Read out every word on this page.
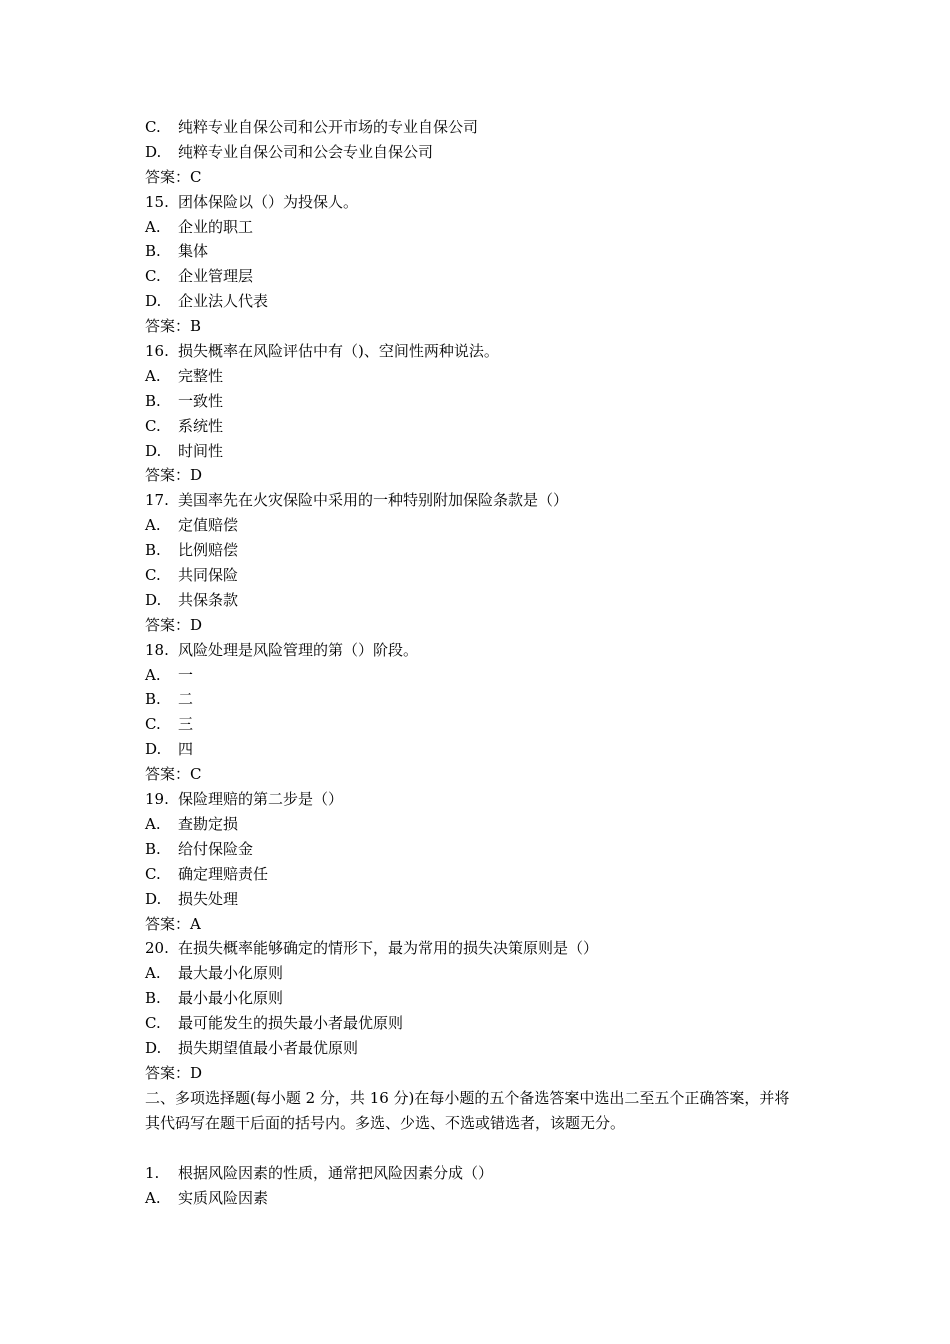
C. 纯粹专业自保公司和公开市场的专业自保公司
D. 纯粹专业自保公司和公会专业自保公司
答案：C
15. 团体保险以（）为投保人。
A. 企业的职工
B. 集体
C. 企业管理层
D. 企业法人代表
答案：B
16. 损失概率在风险评估中有（)、空间性两种说法。
A. 完整性
B. 一致性
C. 系统性
D. 时间性
答案：D
17. 美国率先在火灾保险中采用的一种特别附加保险条款是（）
A. 定值赔偿
B. 比例赔偿
C. 共同保险
D. 共保条款
答案：D
18. 风险处理是风险管理的第（）阶段。
A. 一
B. 二
C. 三
D. 四
答案：C
19. 保险理赔的第二步是（）
A. 查勘定损
B. 给付保险金
C. 确定理赔责任
D. 损失处理
答案：A
20. 在损失概率能够确定的情形下，最为常用的损失决策原则是（）
A. 最大最小化原则
B. 最小最小化原则
C. 最可能发生的损失最小者最优原则
D. 损失期望值最小者最优原则
答案：D
二、多项选择题(每小题 2 分，共 16 分)在每小题的五个备选答案中选出二至五个正确答案，并将其代码写在题干后面的括号内。多选、少选、不选或错选者，该题无分。
1. 根据风险因素的性质，通常把风险因素分成（）
A. 实质风险因素
